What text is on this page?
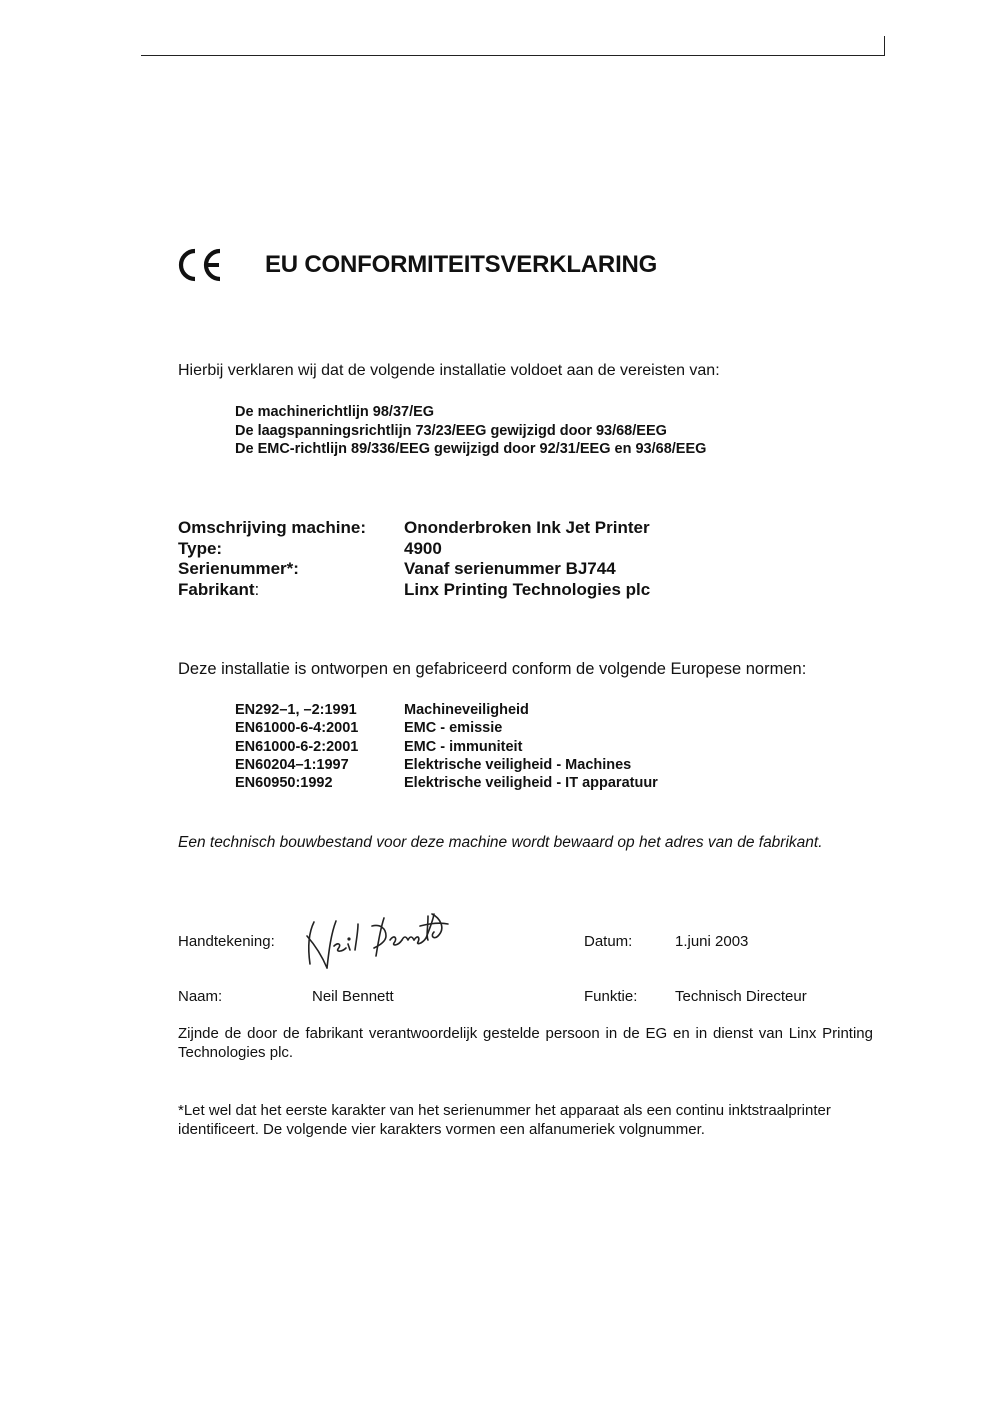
EU CONFORMITEITSVERKLARING
Hierbij verklaren wij dat de volgende installatie voldoet aan de vereisten van:
De machinerichtlijn 98/37/EG
De laagspanningsrichtlijn 73/23/EEG gewijzigd door 93/68/EEG
De EMC-richtlijn 89/336/EEG gewijzigd door 92/31/EEG en 93/68/EEG
Omschrijving machine:	Ononderbroken Ink Jet Printer
Type:	4900
Serienummer*:	Vanaf serienummer BJ744
Fabrikant:	Linx Printing Technologies plc
Deze installatie is ontworpen en gefabriceerd conform de volgende Europese normen:
EN292–1, –2:1991	Machineveiligheid
EN61000-6-4:2001	EMC - emissie
EN61000-6-2:2001	EMC - immuniteit
EN60204–1:1997	Elektrische veiligheid - Machines
EN60950:1992	Elektrische veiligheid - IT apparatuur
Een technisch bouwbestand voor deze machine wordt bewaard op het adres van de fabrikant.
Handtekening:	Datum:	1.juni 2003
Naam:	Neil Bennett	Funktie:	Technisch Directeur
Zijnde de door de fabrikant verantwoordelijk gestelde persoon in de EG en in dienst van Linx Printing Technologies plc.
*Let wel dat het eerste karakter van het serienummer het apparaat als een continu inktstraalprinter identificeert. De volgende vier karakters vormen een alfanumeriek volgnummer.
